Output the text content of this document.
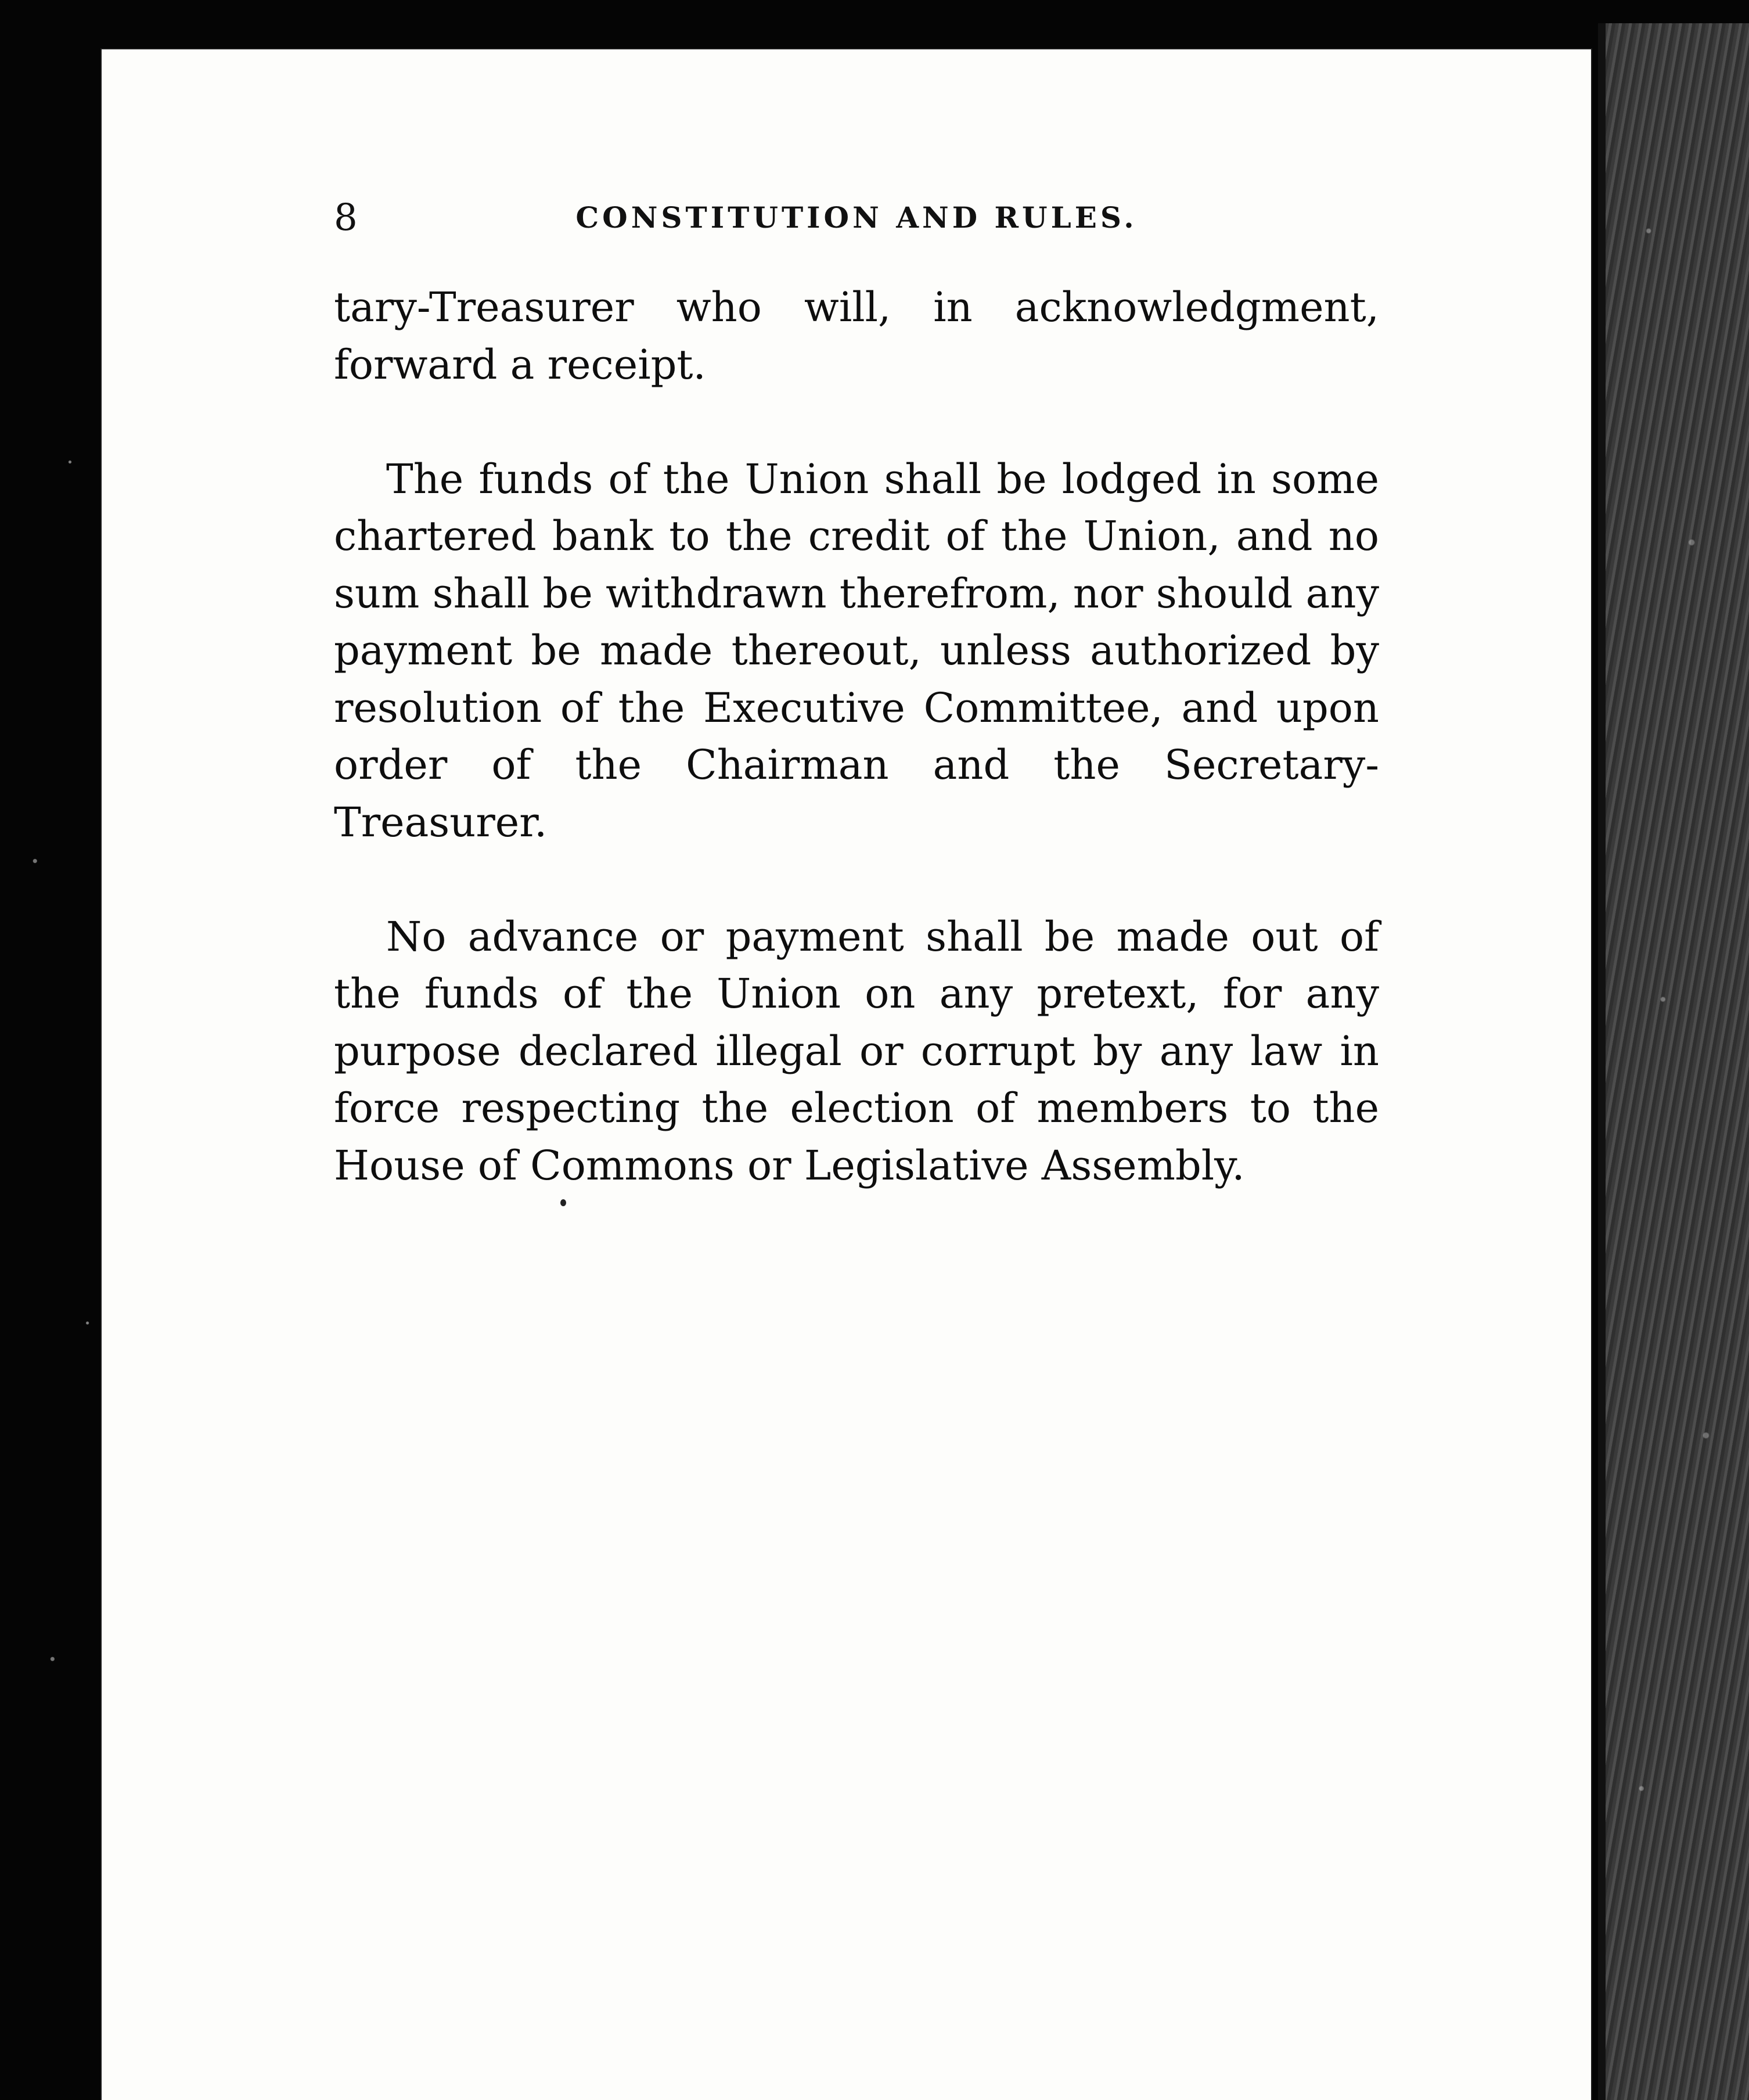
8	CONSTITUTION AND RULES.

tary-Treasurer who will, in acknowledgment, forward a receipt.

The funds of the Union shall be lodged in some chartered bank to the credit of the Union, and no sum shall be withdrawn therefrom, nor should any payment be made thereout, unless authorized by resolution of the Executive Committee, and upon order of the Chairman and the Secretary-Treasurer.

No advance or payment shall be made out of the funds of the Union on any pretext, for any purpose declared illegal or corrupt by any law in force respecting the election of members to the House of Commons or Legislative Assembly.
